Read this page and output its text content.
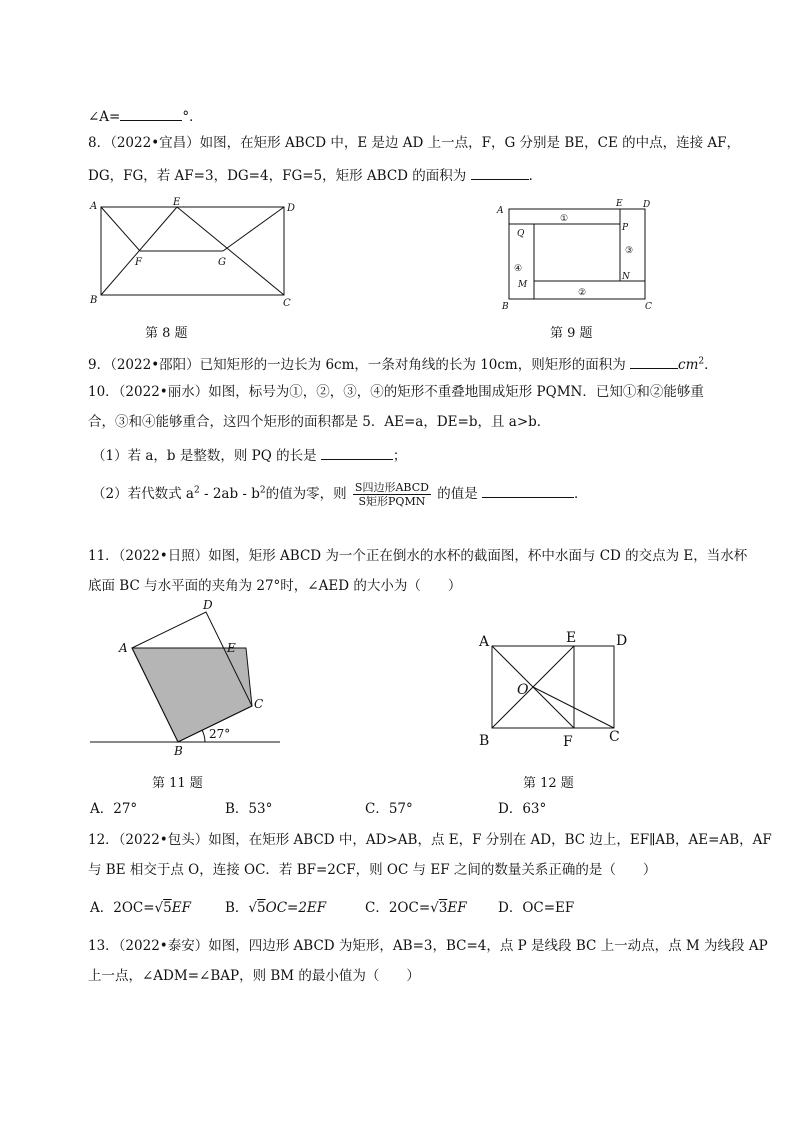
∠A=	°．
8．（2022•宜昌）如图，在矩形 ABCD 中，E 是边 AD 上一点，F，G 分别是 BE，CE 的中点，连接 AF，
DG，FG，若 AF=3，DG=4，FG=5，矩形 ABCD 的面积为	．
A
B	C
D
E
F	G
第 8 题
A
B	C
D
E
P
Q
M
N
①
②
③
④
第 9 题
9．（2022•邵阳）已知矩形的一边长为 6cm，一条对角线的长为 10cm，则矩形的面积为	$cm^2$．
10．（2022•丽水）如图，标号为①，②，③，④的矩形不重叠地围成矩形 PQMN．已知①和②能够重
合，③和④能够重合，这四个矩形的面积都是 5．AE=a，DE=b，且 a>b．
（1）若 a，b 是整数，则 PQ 的长是	；
（2）若代数式 $a^2 - 2ab - b^2$的值为零，则 $\frac{\text{S四边形ABCD}}{\text{S矩形PQMN}}$ 的值是	．
11．（2022•日照）如图，矩形 ABCD 为一个正在倒水的水杯的截面图，杯中水面与 CD 的交点为 E，当水杯
底面 BC 与水平面的夹角为 27°时，∠AED 的大小为（　　）
A
B
C
D
E
27°
第 11 题
A
B	C
D
E
F
O
第 12 题
A．27°	B．53°	C．57°	D．63°
12．（2022•包头）如图，在矩形 ABCD 中，AD>AB，点 E，F 分别在 AD，BC 边上，EF∥AB，AE=AB，AF
与 BE 相交于点 O，连接 OC．若 BF=2CF，则 OC 与 EF 之间的数量关系正确的是（　　）
A．2OC=√5EF	B．√5OC=2EF	C．2OC=√3EF D．OC=EF
13．（2022•泰安）如图，四边形 ABCD 为矩形，AB=3，BC=4，点 P 是线段 BC 上一动点，点 M 为线段 AP
上一点，∠ADM=∠BAP，则 BM 的最小值为（　　）
